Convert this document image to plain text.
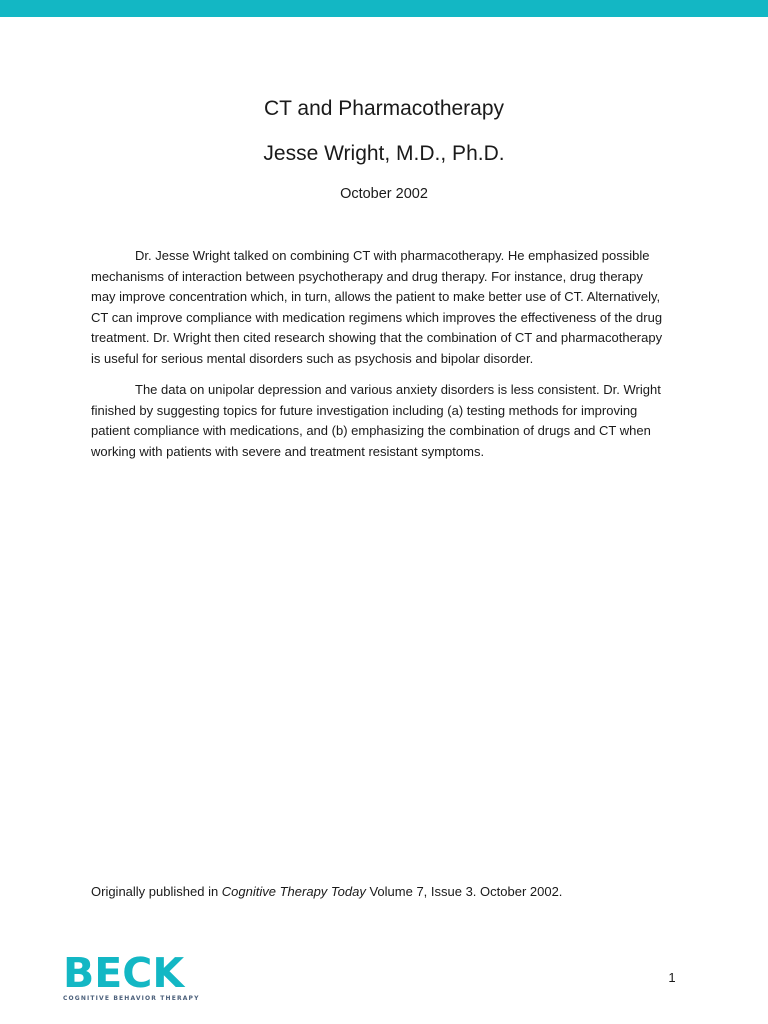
CT and Pharmacotherapy
Jesse Wright, M.D., Ph.D.
October 2002

Dr. Jesse Wright talked on combining CT with pharmacotherapy. He emphasized possible mechanisms of interaction between psychotherapy and drug therapy. For instance, drug therapy may improve concentration which, in turn, allows the patient to make better use of CT. Alternatively, CT can improve compliance with medication regimens which improves the effectiveness of the drug treatment. Dr. Wright then cited research showing that the combination of CT and pharmacotherapy is useful for serious mental disorders such as psychosis and bipolar disorder.

The data on unipolar depression and various anxiety disorders is less consistent. Dr. Wright finished by suggesting topics for future investigation including (a) testing methods for improving patient compliance with medications, and (b) emphasizing the combination of drugs and CT when working with patients with severe and treatment resistant symptoms.

Originally published in Cognitive Therapy Today Volume 7, Issue 3. October 2002.
BECK
COGNITIVE BEHAVIOR THERAPY
1
